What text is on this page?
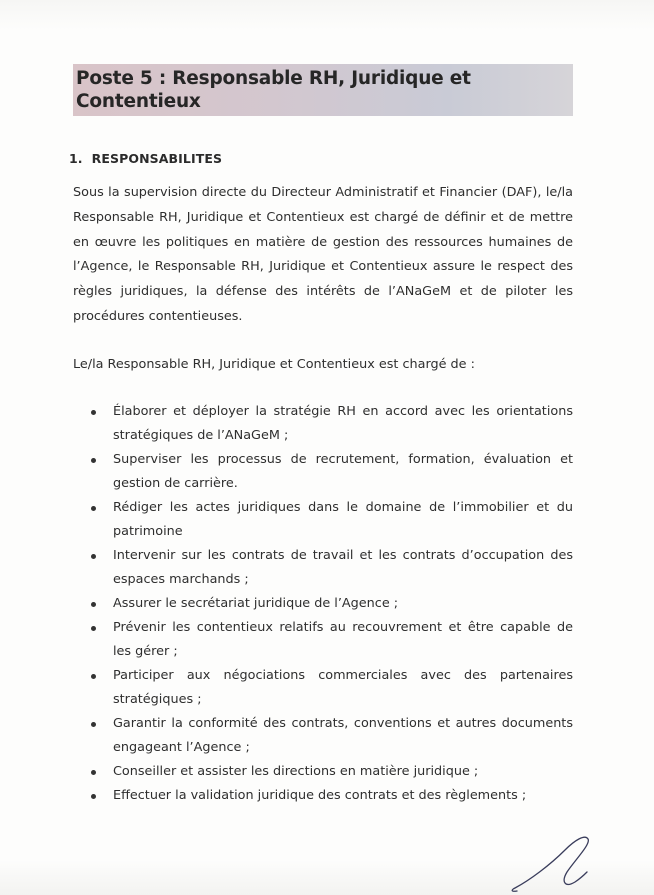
Poste 5 : Responsable RH, Juridique et Contentieux
1. RESPONSABILITES

Sous la supervision directe du Directeur Administratif et Financier (DAF), le/la Responsable RH, Juridique et Contentieux est chargé de définir et de mettre en œuvre les politiques en matière de gestion des ressources humaines de l’Agence, le Responsable RH, Juridique et Contentieux assure le respect des règles juridiques, la défense des intérêts de l’ANaGeM et de piloter les procédures contentieuses.

Le/la Responsable RH, Juridique et Contentieux est chargé de :

Élaborer et déployer la stratégie RH en accord avec les orientations stratégiques de l’ANaGeM ;
Superviser les processus de recrutement, formation, évaluation et gestion de carrière.
Rédiger les actes juridiques dans le domaine de l’immobilier et du patrimoine
Intervenir sur les contrats de travail et les contrats d’occupation des espaces marchands ;
Assurer le secrétariat juridique de l’Agence ;
Prévenir les contentieux relatifs au recouvrement et être capable de les gérer ;
Participer aux négociations commerciales avec des partenaires stratégiques ;
Garantir la conformité des contrats, conventions et autres documents engageant l’Agence ;
Conseiller et assister les directions en matière juridique ;
Effectuer la validation juridique des contrats et des règlements ;
